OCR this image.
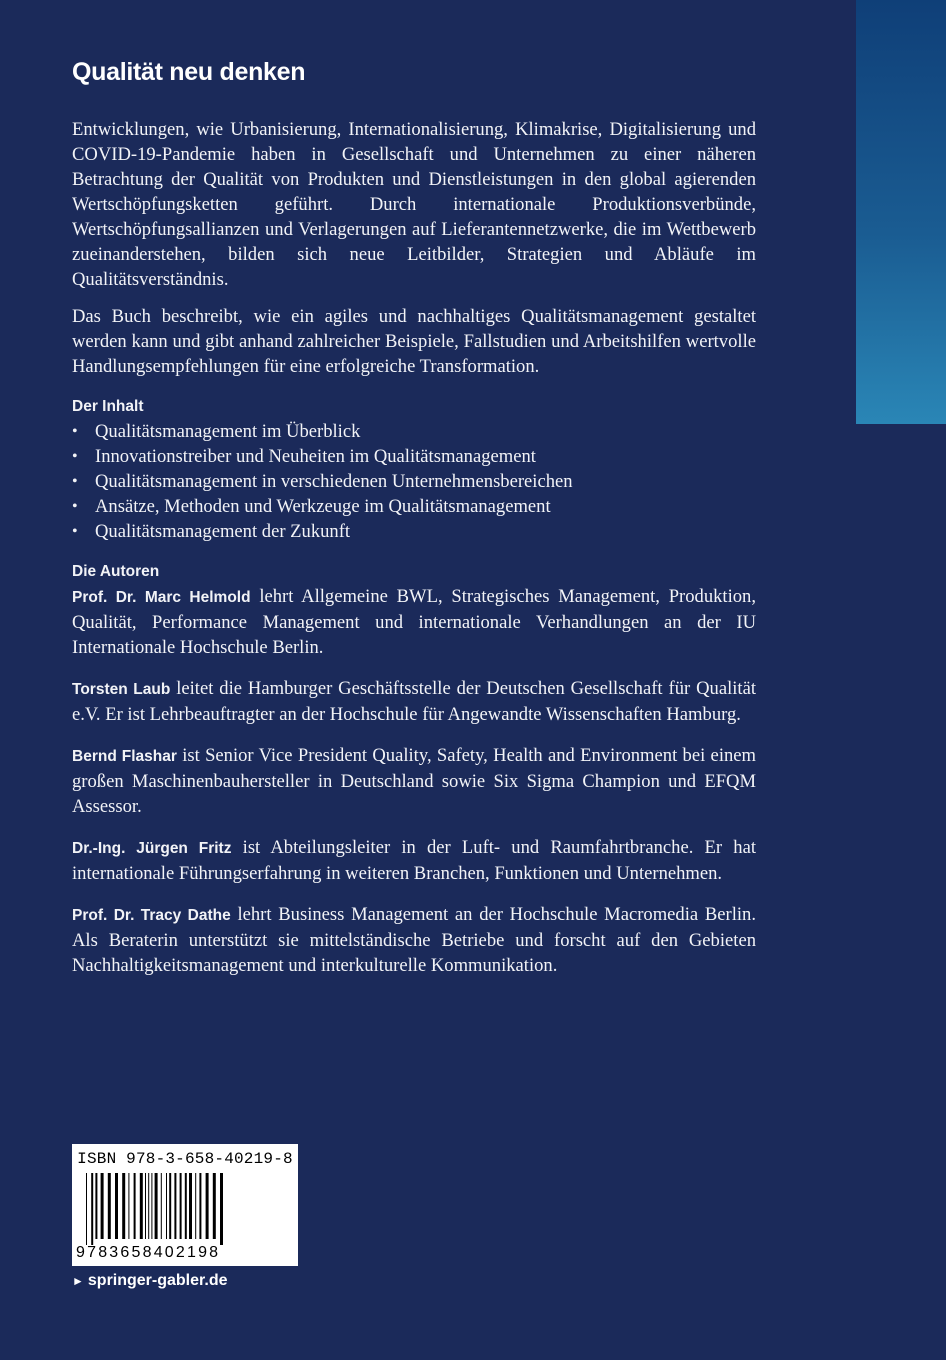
Qualität neu denken

Entwicklungen, wie Urbanisierung, Internationalisierung, Klimakrise, Digitalisierung und COVID-19-Pandemie haben in Gesellschaft und Unternehmen zu einer näheren Betrachtung der Qualität von Produkten und Dienstleistungen in den global agierenden Wertschöpfungsketten geführt. Durch internationale Produktionsverbünde, Wertschöpfungsallianzen und Verlagerungen auf Lieferantennetzwerke, die im Wettbewerb zueinanderstehen, bilden sich neue Leitbilder, Strategien und Abläufe im Qualitätsverständnis.

Das Buch beschreibt, wie ein agiles und nachhaltiges Qualitätsmanagement gestaltet werden kann und gibt anhand zahlreicher Beispiele, Fallstudien und Arbeitshilfen wertvolle Handlungsempfehlungen für eine erfolgreiche Transformation.

Der Inhalt
• Qualitätsmanagement im Überblick
• Innovationstreiber und Neuheiten im Qualitätsmanagement
• Qualitätsmanagement in verschiedenen Unternehmensbereichen
• Ansätze, Methoden und Werkzeuge im Qualitätsmanagement
• Qualitätsmanagement der Zukunft
Die Autoren

Prof. Dr. Marc Helmold lehrt Allgemeine BWL, Strategisches Management, Produktion, Qualität, Performance Management und internationale Verhandlungen an der IU Internationale Hochschule Berlin.

Torsten Laub leitet die Hamburger Geschäftsstelle der Deutschen Gesellschaft für Qualität e.V. Er ist Lehrbeauftragter an der Hochschule für Angewandte Wissenschaften Hamburg.

Bernd Flashar ist Senior Vice President Quality, Safety, Health and Environment bei einem großen Maschinenbauhersteller in Deutschland sowie Six Sigma Champion und EFQM Assessor.

Dr.-Ing. Jürgen Fritz ist Abteilungsleiter in der Luft- und Raumfahrtbranche. Er hat internationale Führungserfahrung in weiteren Branchen, Funktionen und Unternehmen.

Prof. Dr. Tracy Dathe lehrt Business Management an der Hochschule Macromedia Berlin. Als Beraterin unterstützt sie mittelständische Betriebe und forscht auf den Gebieten Nachhaltigkeitsmanagement und interkulturelle Kommunikation.

ISBN 978-3-658-40219-8
9783658402198
► springer-gabler.de
